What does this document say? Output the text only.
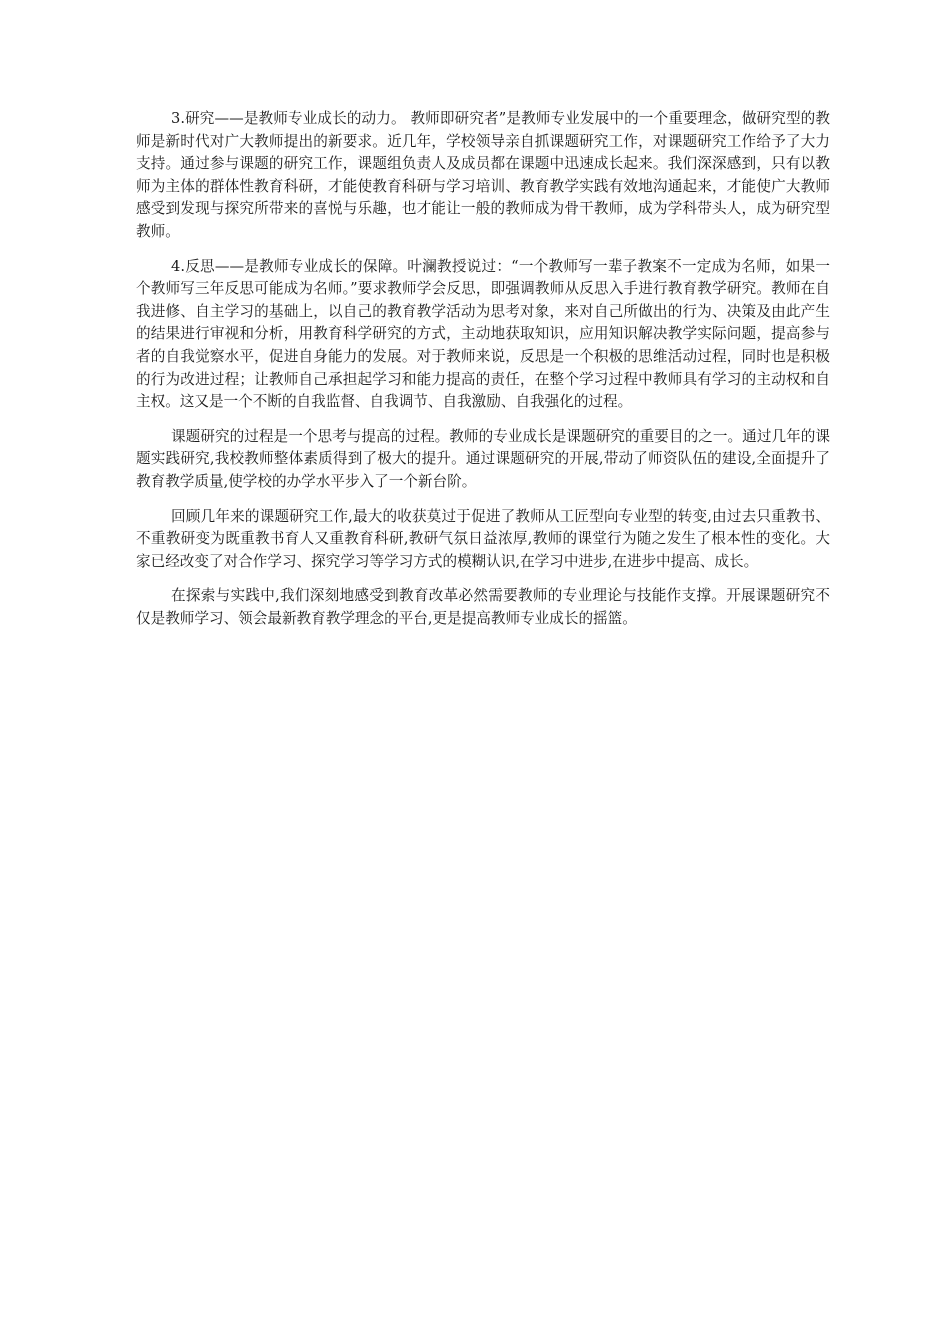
3.研究——是教师专业成长的动力。 教师即研究者”是教师专业发展中的一个重要理念，做研究型的教师是新时代对广大教师提出的新要求。近几年，学校领导亲自抓课题研究工作，对课题研究工作给予了大力支持。通过参与课题的研究工作，课题组负责人及成员都在课题中迅速成长起来。我们深深感到，只有以教师为主体的群体性教育科研，才能使教育科研与学习培训、教育教学实践有效地沟通起来，才能使广大教师感受到发现与探究所带来的喜悦与乐趣，也才能让一般的教师成为骨干教师，成为学科带头人，成为研究型教师。

4.反思——是教师专业成长的保障。叶澜教授说过：“一个教师写一辈子教案不一定成为名师，如果一个教师写三年反思可能成为名师。”要求教师学会反思，即强调教师从反思入手进行教育教学研究。教师在自我进修、自主学习的基础上，以自己的教育教学活动为思考对象，来对自己所做出的行为、决策及由此产生的结果进行审视和分析，用教育科学研究的方式，主动地获取知识，应用知识解决教学实际问题，提高参与者的自我觉察水平，促进自身能力的发展。对于教师来说，反思是一个积极的思维活动过程，同时也是积极的行为改进过程；让教师自己承担起学习和能力提高的责任，在整个学习过程中教师具有学习的主动权和自主权。这又是一个不断的自我监督、自我调节、自我激励、自我强化的过程。

课题研究的过程是一个思考与提高的过程。教师的专业成长是课题研究的重要目的之一。通过几年的课题实践研究,我校教师整体素质得到了极大的提升。通过课题研究的开展,带动了师资队伍的建设,全面提升了教育教学质量,使学校的办学水平步入了一个新台阶。

回顾几年来的课题研究工作,最大的收获莫过于促进了教师从工匠型向专业型的转变,由过去只重教书、不重教研变为既重教书育人又重教育科研,教研气氛日益浓厚,教师的课堂行为随之发生了根本性的变化。大家已经改变了对合作学习、探究学习等学习方式的模糊认识,在学习中进步,在进步中提高、成长。

在探索与实践中,我们深刻地感受到教育改革必然需要教师的专业理论与技能作支撑。开展课题研究不仅是教师学习、领会最新教育教学理念的平台,更是提高教师专业成长的摇篮。
